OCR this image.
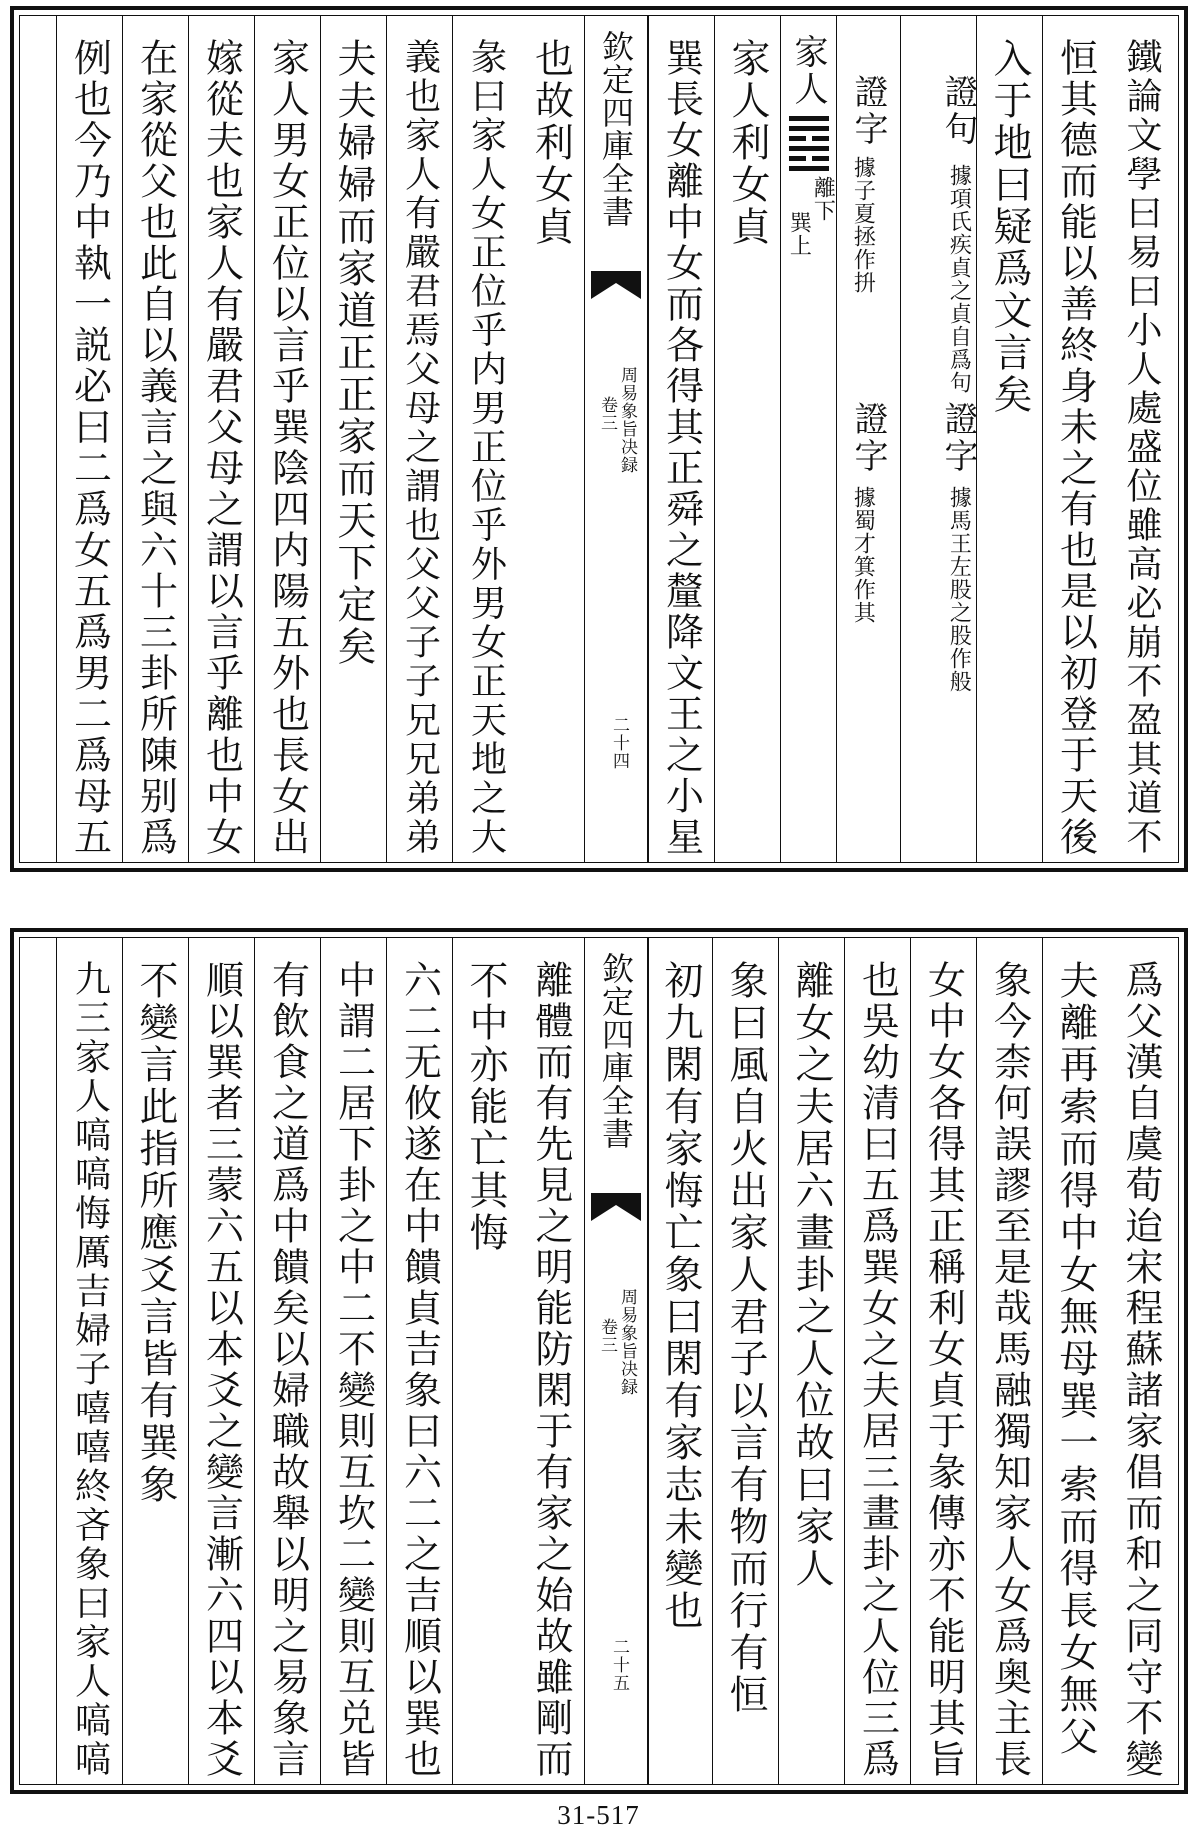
鐵論文學曰易曰小人處盛位雖高必崩不盈其道不
恒其德而能以善終身未之有也是以初登于天後
入于地曰疑爲文言矣
證句
據項氏疾貞之貞自爲句
證字
據馬王左股之股作般
證字
據子夏拯作抍
證字
據蜀才箕作其
家人
巽上
離下
家人利女貞
巽長女離中女而各得其正舜之釐降文王之小星
欽定四庫全書
周易象旨决録
卷三
二十四
也故利女貞
彖曰家人女正位乎内男正位乎外男女正天地之大
義也家人有嚴君焉父母之謂也父父子子兄兄弟弟
夫夫婦婦而家道正正家而天下定矣
家人男女正位以言乎巽陰四内陽五外也長女出
嫁從夫也家人有嚴君父母之謂以言乎離也中女
在家從父也此自以義言之與六十三卦所陳别爲
例也今乃中執一説必曰二爲女五爲男二爲母五
爲父漢自虞荀迨宋程蘇諸家倡而和之同守不變
夫離再索而得中女無母巽一索而得長女無父
象今柰何誤謬至是哉馬融獨知家人女爲奥主長
女中女各得其正稱利女貞于彖傳亦不能明其旨
也吳幼清曰五爲巽女之夫居三畫卦之人位三爲
離女之夫居六畫卦之人位故曰家人
象曰風自火出家人君子以言有物而行有恒
初九閑有家悔亡象曰閑有家志未變也
欽定四庫全書
周易象旨决録
卷三
二十五
離體而有先見之明能防閑于有家之始故雖剛而
不中亦能亡其悔
六二无攸遂在中饋貞吉象曰六二之吉順以巽也
中謂二居下卦之中二不變則互坎二變則互兑皆
有飲食之道爲中饋矣以婦職故舉以明之易象言
順以巽者三蒙六五以本爻之變言漸六四以本爻
不變言此指所應爻言皆有巽象
九三家人嗃嗃悔厲吉婦子嘻嘻終吝象曰家人嗃嗃
31-517
